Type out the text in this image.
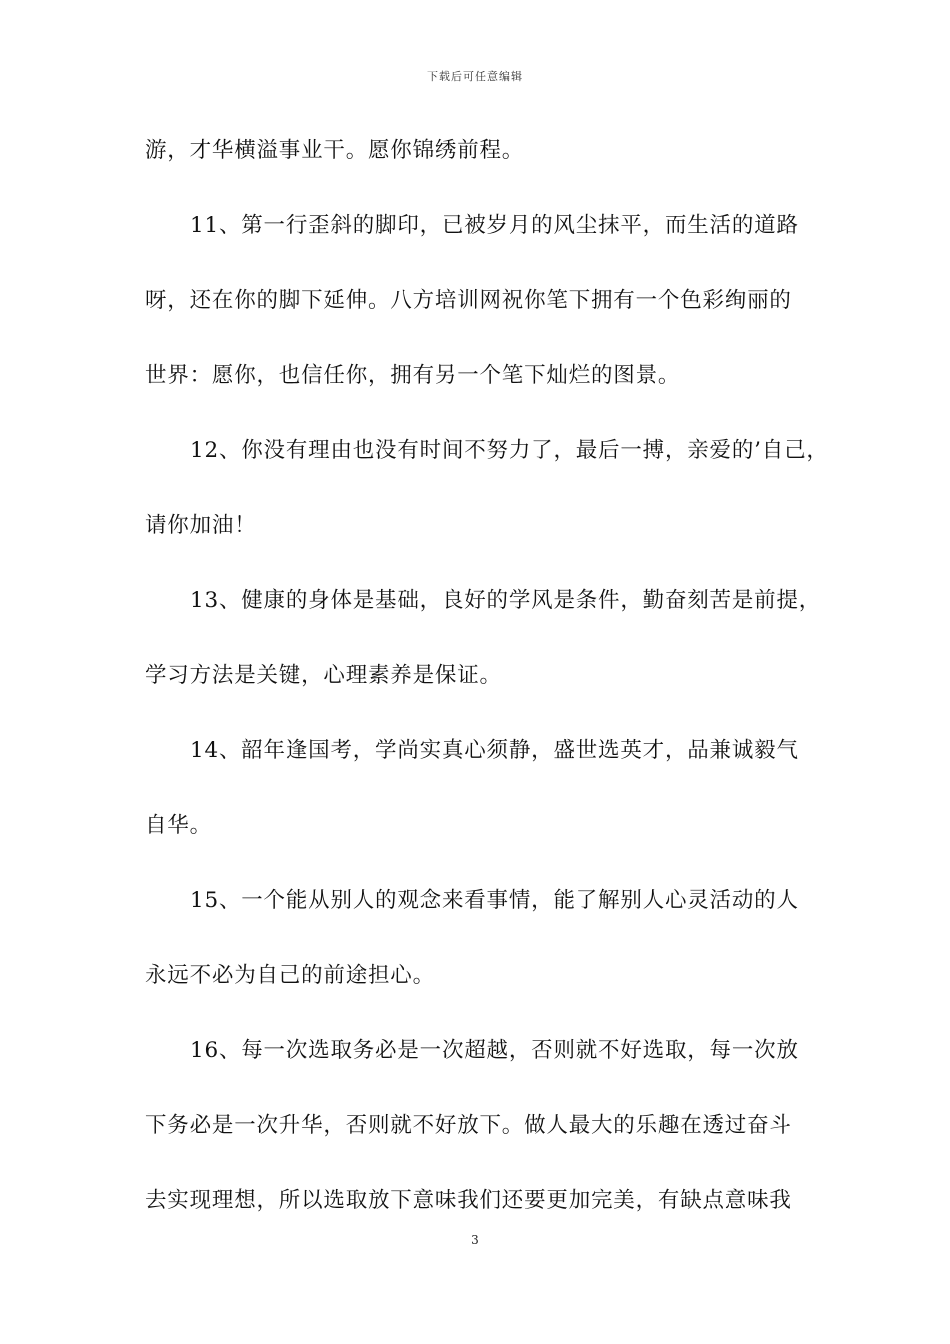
下载后可任意编辑
游，才华横溢事业干。愿你锦绣前程。
11、第一行歪斜的脚印，已被岁月的风尘抹平，而生活的道路
呀，还在你的脚下延伸。八方培训网祝你笔下拥有一个色彩绚丽的
世界：愿你，也信任你，拥有另一个笔下灿烂的图景。
12、你没有理由也没有时间不努力了，最后一搏，亲爱的’自己，
请你加油！
13、健康的身体是基础，良好的学风是条件，勤奋刻苦是前提，
学习方法是关键，心理素养是保证。
14、韶年逢国考，学尚实真心须静，盛世选英才，品兼诚毅气
自华。
15、一个能从别人的观念来看事情，能了解别人心灵活动的人
永远不必为自己的前途担心。
16、每一次选取务必是一次超越，否则就不好选取，每一次放
下务必是一次升华，否则就不好放下。做人最大的乐趣在透过奋斗
去实现理想，所以选取放下意味我们还要更加完美，有缺点意味我
3
